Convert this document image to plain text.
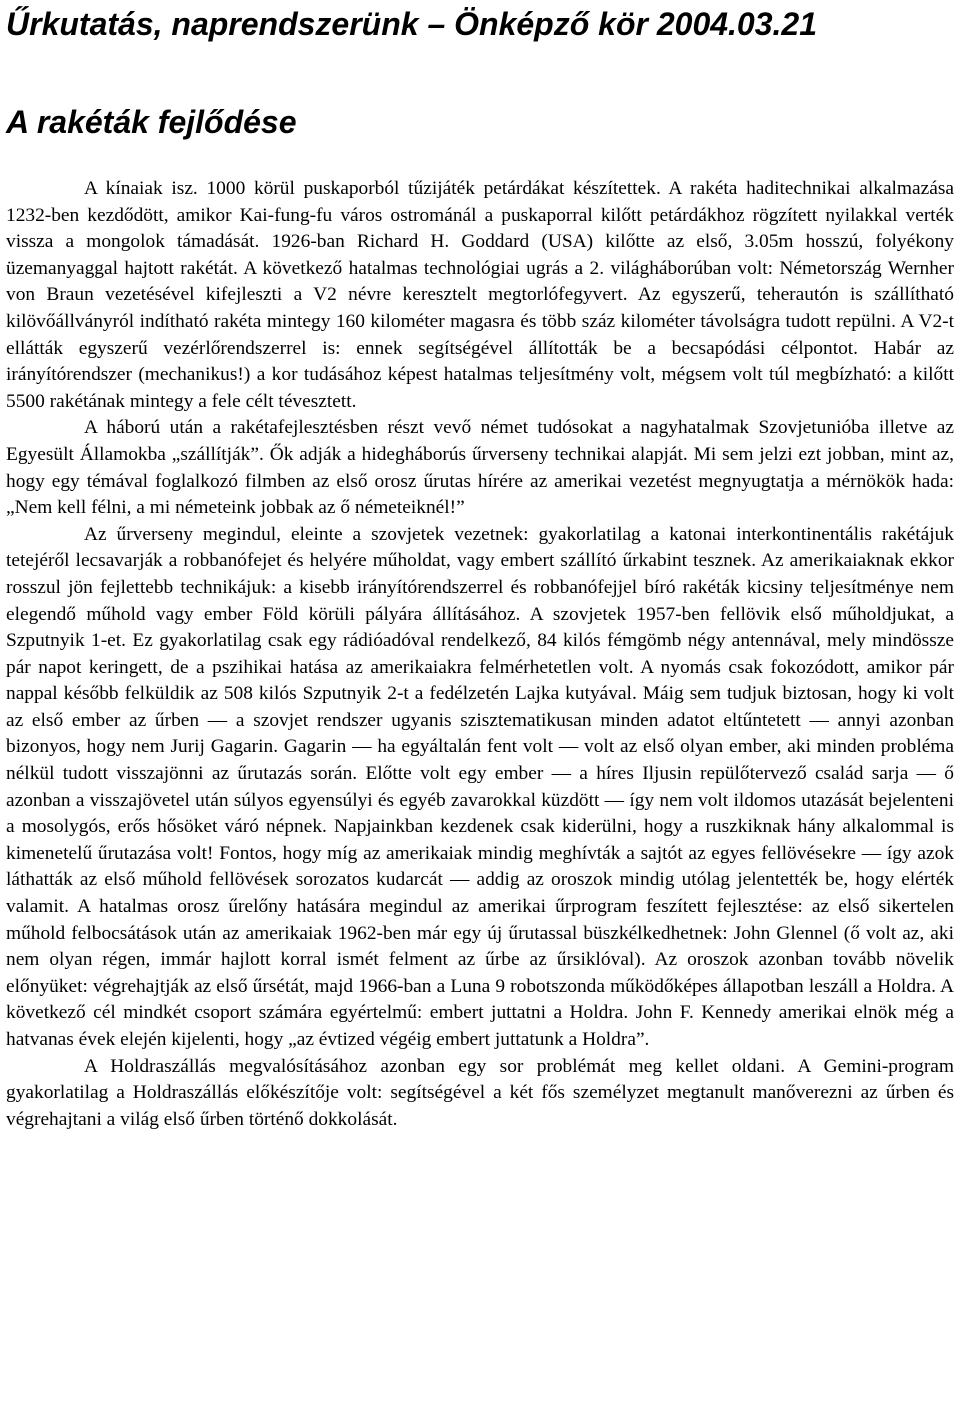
Űrkutatás, naprendszerünk – Önképző kör 2004.03.21
A rakéták fejlődése

A kínaiak isz. 1000 körül puskaporból tűzijáték petárdákat készítettek. A rakéta haditechnikai alkalmazása 1232-ben kezdődött, amikor Kai-fung-fu város ostrománál a puskaporral kilőtt petárdákhoz rögzített nyilakkal verték vissza a mongolok támadását. 1926-ban Richard H. Goddard (USA) kilőtte az első, 3.05m hosszú, folyékony üzemanyaggal hajtott rakétát. A következő hatalmas technológiai ugrás a 2. világháborúban volt: Németország Wernher von Braun vezetésével kifejleszti a V2 névre keresztelt megtorlófegyvert. Az egyszerű, teherautón is szállítható kilövőállványról indítható rakéta mintegy 160 kilométer magasra és több száz kilométer távolságra tudott repülni. A V2-t ellátták egyszerű vezérlőrendszerrel is: ennek segítségével állították be a becsapódási célpontot. Habár az irányítórendszer (mechanikus!) a kor tudásához képest hatalmas teljesítmény volt, mégsem volt túl megbízható: a kilőtt 5500 rakétának mintegy a fele célt tévesztett.

A háború után a rakétafejlesztésben részt vevő német tudósokat a nagyhatalmak Szovjetunióba illetve az Egyesült Államokba „szállítják”. Ők adják a hidegháborús űrverseny technikai alapját. Mi sem jelzi ezt jobban, mint az, hogy egy témával foglalkozó filmben az első orosz űrutas hírére az amerikai vezetést megnyugtatja a mérnökök hada: „Nem kell félni, a mi németeink jobbak az ő németeiknél!”

Az űrverseny megindul, eleinte a szovjetek vezetnek: gyakorlatilag a katonai interkontinentális rakétájuk tetejéről lecsavarják a robbanófejet és helyére műholdat, vagy embert szállító űrkabint tesznek. Az amerikaiaknak ekkor rosszul jön fejlettebb technikájuk: a kisebb irányítórendszerrel és robbanófejjel bíró rakéták kicsiny teljesítménye nem elegendő műhold vagy ember Föld körüli pályára állításához. A szovjetek 1957-ben fellövik első műholdjukat, a Szputnyik 1-et. Ez gyakorlatilag csak egy rádióadóval rendelkező, 84 kilós fémgömb négy antennával, mely mindössze pár napot keringett, de a pszihikai hatása az amerikaiakra felmérhetetlen volt. A nyomás csak fokozódott, amikor pár nappal később felküldik az 508 kilós Szputnyik 2-t a fedélzetén Lajka kutyával. Máig sem tudjuk biztosan, hogy ki volt az első ember az űrben — a szovjet rendszer ugyanis szisztematikusan minden adatot eltűntetett — annyi azonban bizonyos, hogy nem Jurij Gagarin. Gagarin — ha egyáltalán fent volt — volt az első olyan ember, aki minden probléma nélkül tudott visszajönni az űrutazás során. Előtte volt egy ember — a híres Iljusin repülőtervező család sarja — ő azonban a visszajövetel után súlyos egyensúlyi és egyéb zavarokkal küzdött — így nem volt ildomos utazását bejelenteni a mosolygós, erős hősöket váró népnek. Napjainkban kezdenek csak kiderülni, hogy a ruszkiknak hány alkalommal is kimenetelű űrutazása volt! Fontos, hogy míg az amerikaiak mindig meghívták a sajtót az egyes fellövésekre — így azok láthatták az első műhold fellövések sorozatos kudarcát — addig az oroszok mindig utólag jelentették be, hogy elérték valamit. A hatalmas orosz űrelőny hatására megindul az amerikai űrprogram feszített fejlesztése: az első sikertelen műhold felbocsátások után az amerikaiak 1962-ben már egy új űrutassal büszkélkedhetnek: John Glennel (ő volt az, aki nem olyan régen, immár hajlott korral ismét felment az űrbe az űrsiklóval). Az oroszok azonban tovább növelik előnyüket: végrehajtják az első űrsétát, majd 1966-ban a Luna 9 robotszonda működőképes állapotban leszáll a Holdra. A következő cél mindkét csoport számára egyértelmű: embert juttatni a Holdra. John F. Kennedy amerikai elnök még a hatvanas évek elején kijelenti, hogy „az évtized végéig embert juttatunk a Holdra”.

A Holdraszállás megvalósításához azonban egy sor problémát meg kellet oldani. A Gemini-program gyakorlatilag a Holdraszállás előkészítője volt: segítségével a két fős személyzet megtanult manőverezni az űrben és végrehajtani a világ első űrben történő dokkolását.
